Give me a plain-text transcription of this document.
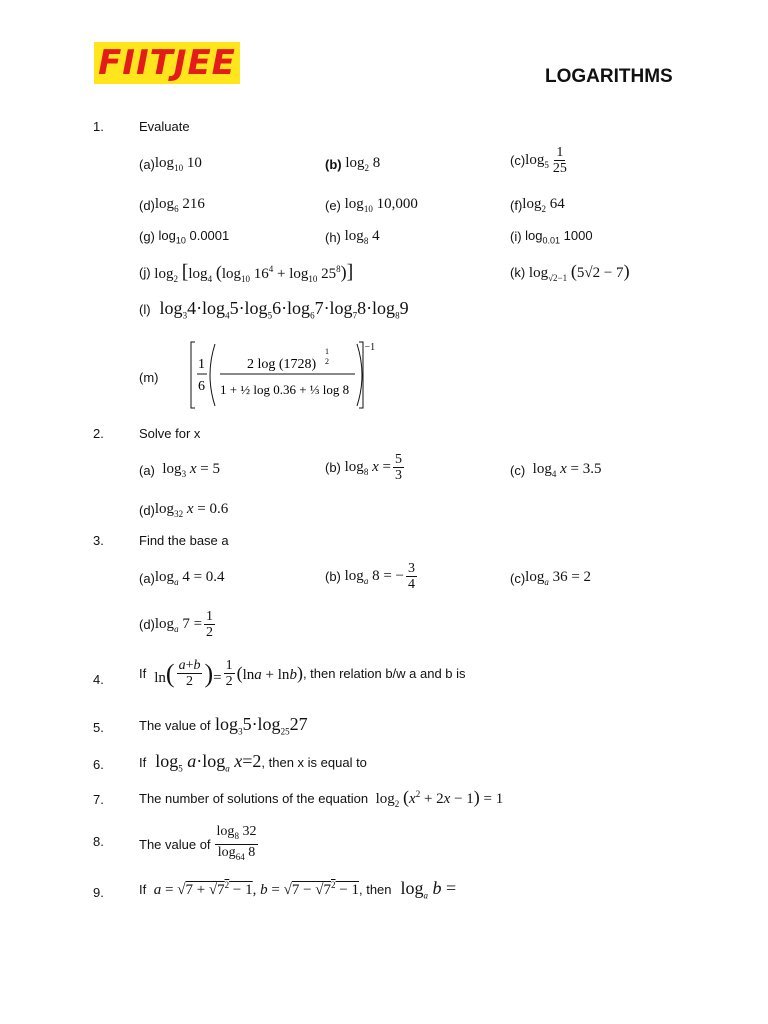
FIITJEE	LOGARITHMS
1.	Evaluate
(a) $\log_{10} 10$	(b) $\log_2 8$	(c) $\log_5 \frac{1}{25}$
(d) $\log_6 216$	(e) $\log_{10} 10,000$	(f) $\log_2 64$
(g) $\log_{10} 0.0001$	(h) $\log_8 4$	(i) $\log_{0.01} 1000$
(j) $\log_2 [\log_4$ ($\log_{10}$ $16^4 + \log_{10} 25^8$)]	(k) $\log_{√2-1} (5√2 - 7)$
(l) $\log_34\cdot\log_45\cdot\log_56\cdot\log_67\cdot\log_78\cdot\log_89$
(m)
1
6
2 log (1728)
1
2
1 + ½ log 0.36 + ⅓ log 8
−1
2.	Solve for x
(a) $\log_3 x = 5$	(b) $\log_8 x = \frac{5}{3}$	(c) $\log_4 x = 3.5$
(d) $\log_{32} x = 0.6$
3.	Find the base a
(a) $\log_a 4 = 0.4$	(b) $\log_a 8$ = − $\frac{3}{4}$	(c) $\log_a 36 = 2$
(d) $\log_a 7 = \frac{1}{2}$
4.	If $\ln( \frac{a+b}{2}$ )= $\frac{1}{2} (\ln a + \ln b)$ , then relation b/w a and b is
5.	The value of $\log_35\cdot\log_{25}27$
6.	If $\log_5 a\cdot\log_a$ x=2 , then x is equal to
7.	The number of solutions of the equation $\log_2 (x^2 + 2x - 1) = 1$
8.	The value of $\frac{\log_8 32}{\log_{64} 8}$
9.	If $a = √7 + √7^2 - 1$, $b = √7 - √7^2 - 1$ , then $\log_a b$ =
